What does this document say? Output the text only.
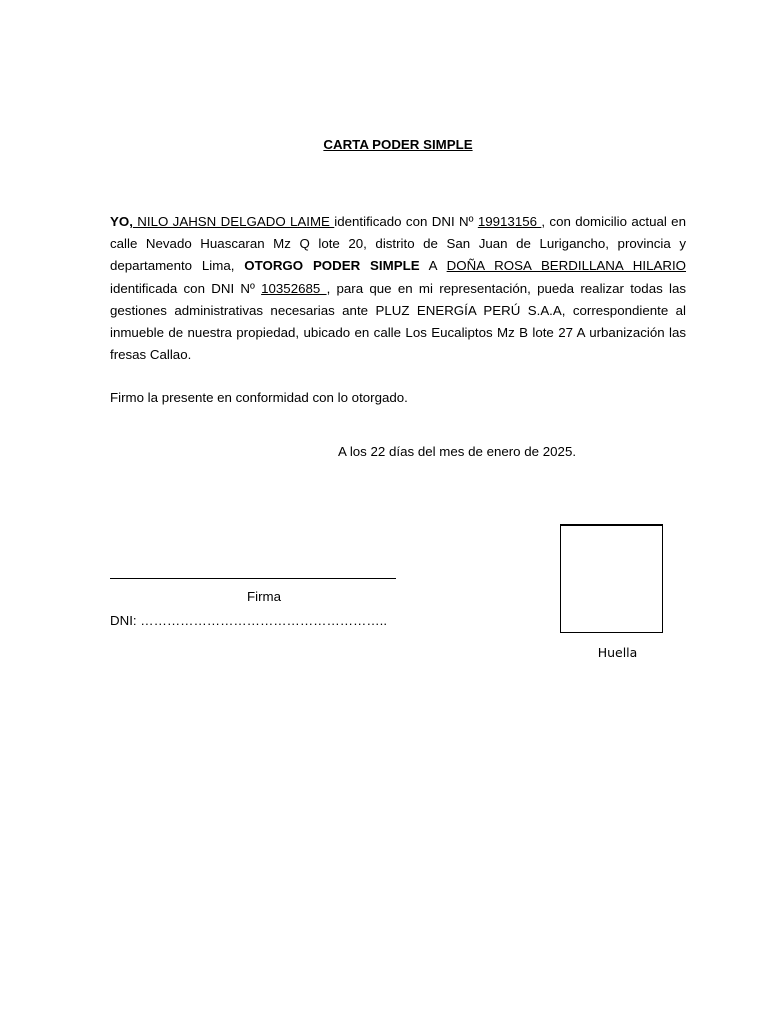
CARTA PODER SIMPLE

YO, NILO JAHSN DELGADO LAIME identificado con DNI Nº 19913156 , con domicilio actual en calle Nevado Huascaran Mz Q lote 20, distrito de San Juan de Lurigancho, provincia y departamento Lima, OTORGO PODER SIMPLE A DOÑA ROSA BERDILLANA HILARIO identificada con DNI Nº 10352685 , para que en mi representación, pueda realizar todas las gestiones administrativas necesarias ante PLUZ ENERGÍA PERÚ S.A.A, correspondiente al inmueble de nuestra propiedad, ubicado en calle Los Eucaliptos Mz B lote 27 A urbanización las fresas Callao.

Firmo la presente en conformidad con lo otorgado.
A los 22 días del mes de enero de 2025.
Firma
DNI: ………………………………………………..
Huella
